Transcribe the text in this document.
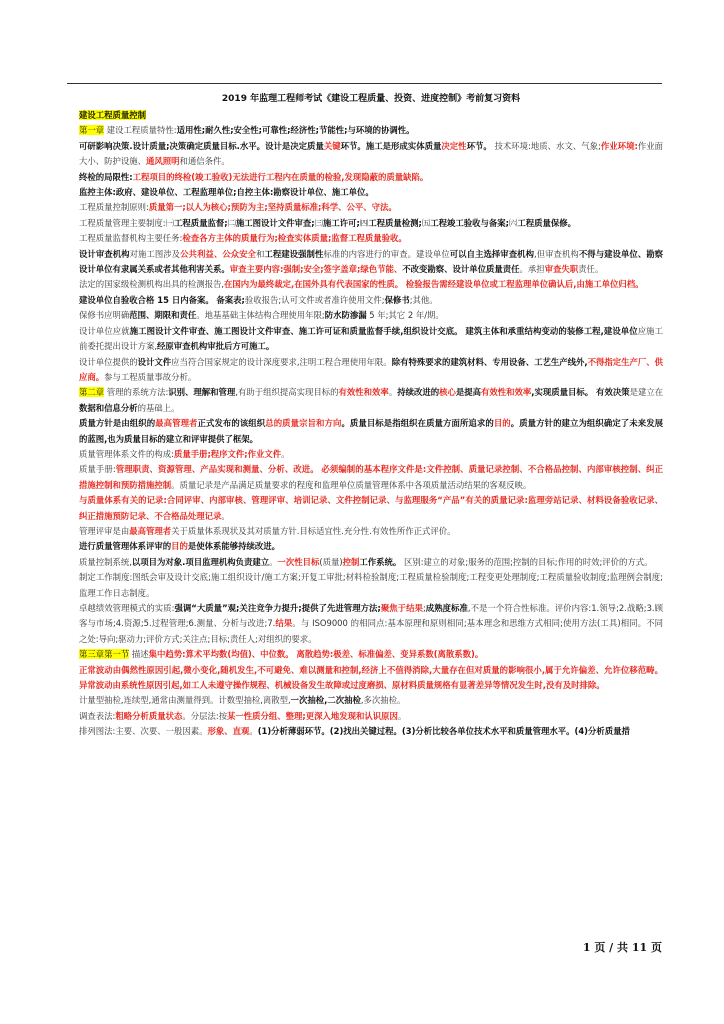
2019 年监理工程师考试《建设工程质量、投资、进度控制》考前复习资料

建设工程质量控制

第一章 建设工程质量特性:适用性;耐久性;安全性;可靠性;经济性;节能性;与环境的协调性。

可研影响决策.设计质量;决策确定质量目标.水平。设计是决定质量关键环节。施工是形成实体质量决定性环节。 技术环境:地质、水文、气象;作业环境:作业面大小、防护设施、通风照明和通信条件。

终检的局限性:工程项目的终检(竣工验收)无法进行工程内在质量的检验,发现隐蔽的质量缺陷。

监控主体:政府、建设单位、工程监理单位;自控主体:勘察设计单位、施工单位。

工程质量控制原则:质量第一;以人为核心;预防为主;坚持质量标准;科学、公平、守法。

工程质量管理主要制度:㈠工程质量监督;㈡施工图设计文件审查;㈢施工许可;㈣工程质量检测;㈤工程竣工验收与备案;㈥工程质量保修。

工程质量监督机构主要任务:检查各方主体的质量行为;检查实体质量;监督工程质量验收。

设计审查机构对施工图涉及公共利益、公众安全和工程建设强制性标准的内容进行的审查。建设单位可以自主选择审查机构,但审查机构不得与建设单位、勘察设计单位有隶属关系或者其他利害关系。审查主要内容:强制;安全;签字盖章;绿色节能、不改变勘察、设计单位质量责任。承担审查失职责任。

法定的国家级检测机构出具的检测报告,在国内为最终裁定,在国外具有代表国家的性质。 检验报告需经建设单位或工程监理单位确认后,由施工单位归档。

建设单位自验收合格 15 日内备案。 备案表;验收报告;认可文件或者准许使用文件;保修书;其他。

保修书应明确范围、期限和责任。地基基础主体结构合理使用年限;防水防渗漏 5 年;其它 2 年/期。

设计单位应就施工图设计文件审查、施工图设计文件审查、施工许可证和质量监督手续,组织设计交底。 建筑主体和承重结构变动的装修工程,建设单位应施工前委托提出设计方案,经原审查机构审批后方可施工。

设计单位提供的设计文件应当符合国家规定的设计深度要求,注明工程合理使用年限。除有特殊要求的建筑材料、专用设备、工艺生产线外,不得指定生产厂、供应商。参与工程质量事故分析。

第二章 管理的系统方法:识别、理解和管理,有助于组织提高实现目标的有效性和效率。持续改进的核心是提高有效性和效率,实现质量目标。 有效决策是建立在数据和信息分析的基础上。

质量方针是由组织的最高管理者正式发布的该组织总的质量宗旨和方向。质量目标是指组织在质量方面所追求的目的。质量方针的建立为组织确定了未来发展的蓝图,也为质量目标的建立和评审提供了框架。

质量管理体系文件的构成:质量手册;程序文件;作业文件。

质量手册:管理职责、资源管理、产品实现和测量、分析、改进。 必须编制的基本程序文件是:文件控制、质量记录控制、不合格品控制、内部审核控制、纠正措施控制和预防措施控制。质量记录是产品满足质量要求的程度和监理单位质量管理体系中各项质量活动结果的客观反映。

与质量体系有关的记录:合同评审、内部审核、管理评审、培训记录、文件控制记录、与监理服务“产品”有关的质量记录:监理旁站记录、材料设备验收记录、纠正措施预防记录、不合格品处理记录。

管理评审是由最高管理者关于质量体系现状及其对质量方针.目标适宜性.充分性.有效性所作正式评价。

进行质量管理体系评审的目的是使体系能够持续改进。

质量控制系统,以项目为对象.项目监理机构负责建立。一次性目标(质量)控制工作系统。 区别:建立的对象;服务的范围;控制的目标;作用的时效;评价的方式。

制定工作制度:图纸会审及设计交底;施工组织设计/施工方案;开复工审批;材料检验制度;工程质量检验制度;工程变更处理制度;工程质量验收制度;监理例会制度;监理工作日志制度。

卓越绩效管理模式的实质:强调“大质量”观;关注竞争力提升;提供了先进管理方法;聚焦于结果;成熟度标准,不是一个符合性标准。评价内容:1.领导;2.战略;3.顾客与市场;4.资源;5.过程管理;6.测量、分析与改进;7.结果。与 ISO9000 的相同点:基本原理和原则相同;基本理念和思维方式相同;使用方法(工具)相同。不同之处:导向;驱动力;评价方式;关注点;目标;责任人;对组织的要求。

第三章第一节 描述集中趋势:算术平均数(均值)、中位数。 离散趋势:极差、标准偏差、变异系数(离散系数)。

正常波动由偶然性原因引起,微小变化,随机发生,不可避免、难以测量和控制,经济上不值得消除,大量存在但对质量的影响很小,属于允许偏差、允许位移范畴。 异常波动由系统性原因引起,如工人未遵守操作规程、机械设备发生故障或过度磨损、原材料质量规格有显著差异等情况发生时,没有及时排除。

计量型抽检,连续型,通常由测量得到。计数型抽检,离散型,一次抽检,二次抽检,多次抽检。

调查表法:粗略分析质量状态。分层法:按某一性质分组、整理;更深入地发现和认识原因。

排列图法:主要、次要、一般因素。形象、直观。(1)分析薄弱环节。(2)找出关键过程。(3)分析比较各单位技术水平和质量管理水平。(4)分析质量措

1 页 / 共 11 页
